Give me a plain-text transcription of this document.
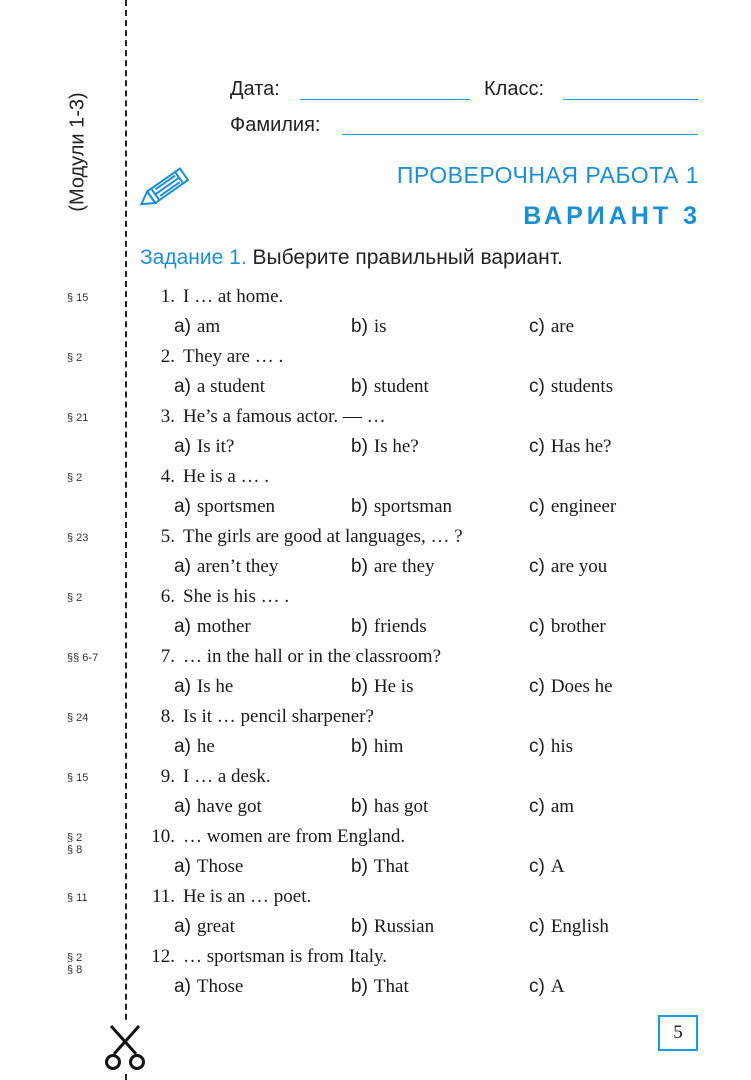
(Модули 1-3)
Дата:	Класс:
Фамилия:
ПРОВЕРОЧНАЯ РАБОТА 1
ВАРИАНТ 3
Задание 1. Выберите правильный вариант.
§ 15	1. I … at home.
a) am	b) is	c) are
§ 2	2. They are … .
a) a student	b) student	c) students
§ 21	3. He’s a famous actor. — …
a) Is it?	b) Is he?	c) Has he?
§ 2	4. He is a … .
a) sportsmen	b) sportsman	c) engineer
§ 23	5. The girls are good at languages, … ?
a) aren’t they	b) are they	c) are you
§ 2	6. She is his … .
a) mother	b) friends	c) brother
§§ 6-7	7. … in the hall or in the classroom?
a) Is he	b) He is	c) Does he
§ 24	8. Is it … pencil sharpener?
a) he	b) him	c) his
§ 15	9. I … a desk.
a) have got	b) has got	c) am
§ 2
§ 8
10. … women are from England.
a) Those	b) That	c) A
§ 11	11. He is an … poet.
a) great	b) Russian	c) English
§ 2
§ 8
12. … sportsman is from Italy.
a) Those	b) That	c) A
5
